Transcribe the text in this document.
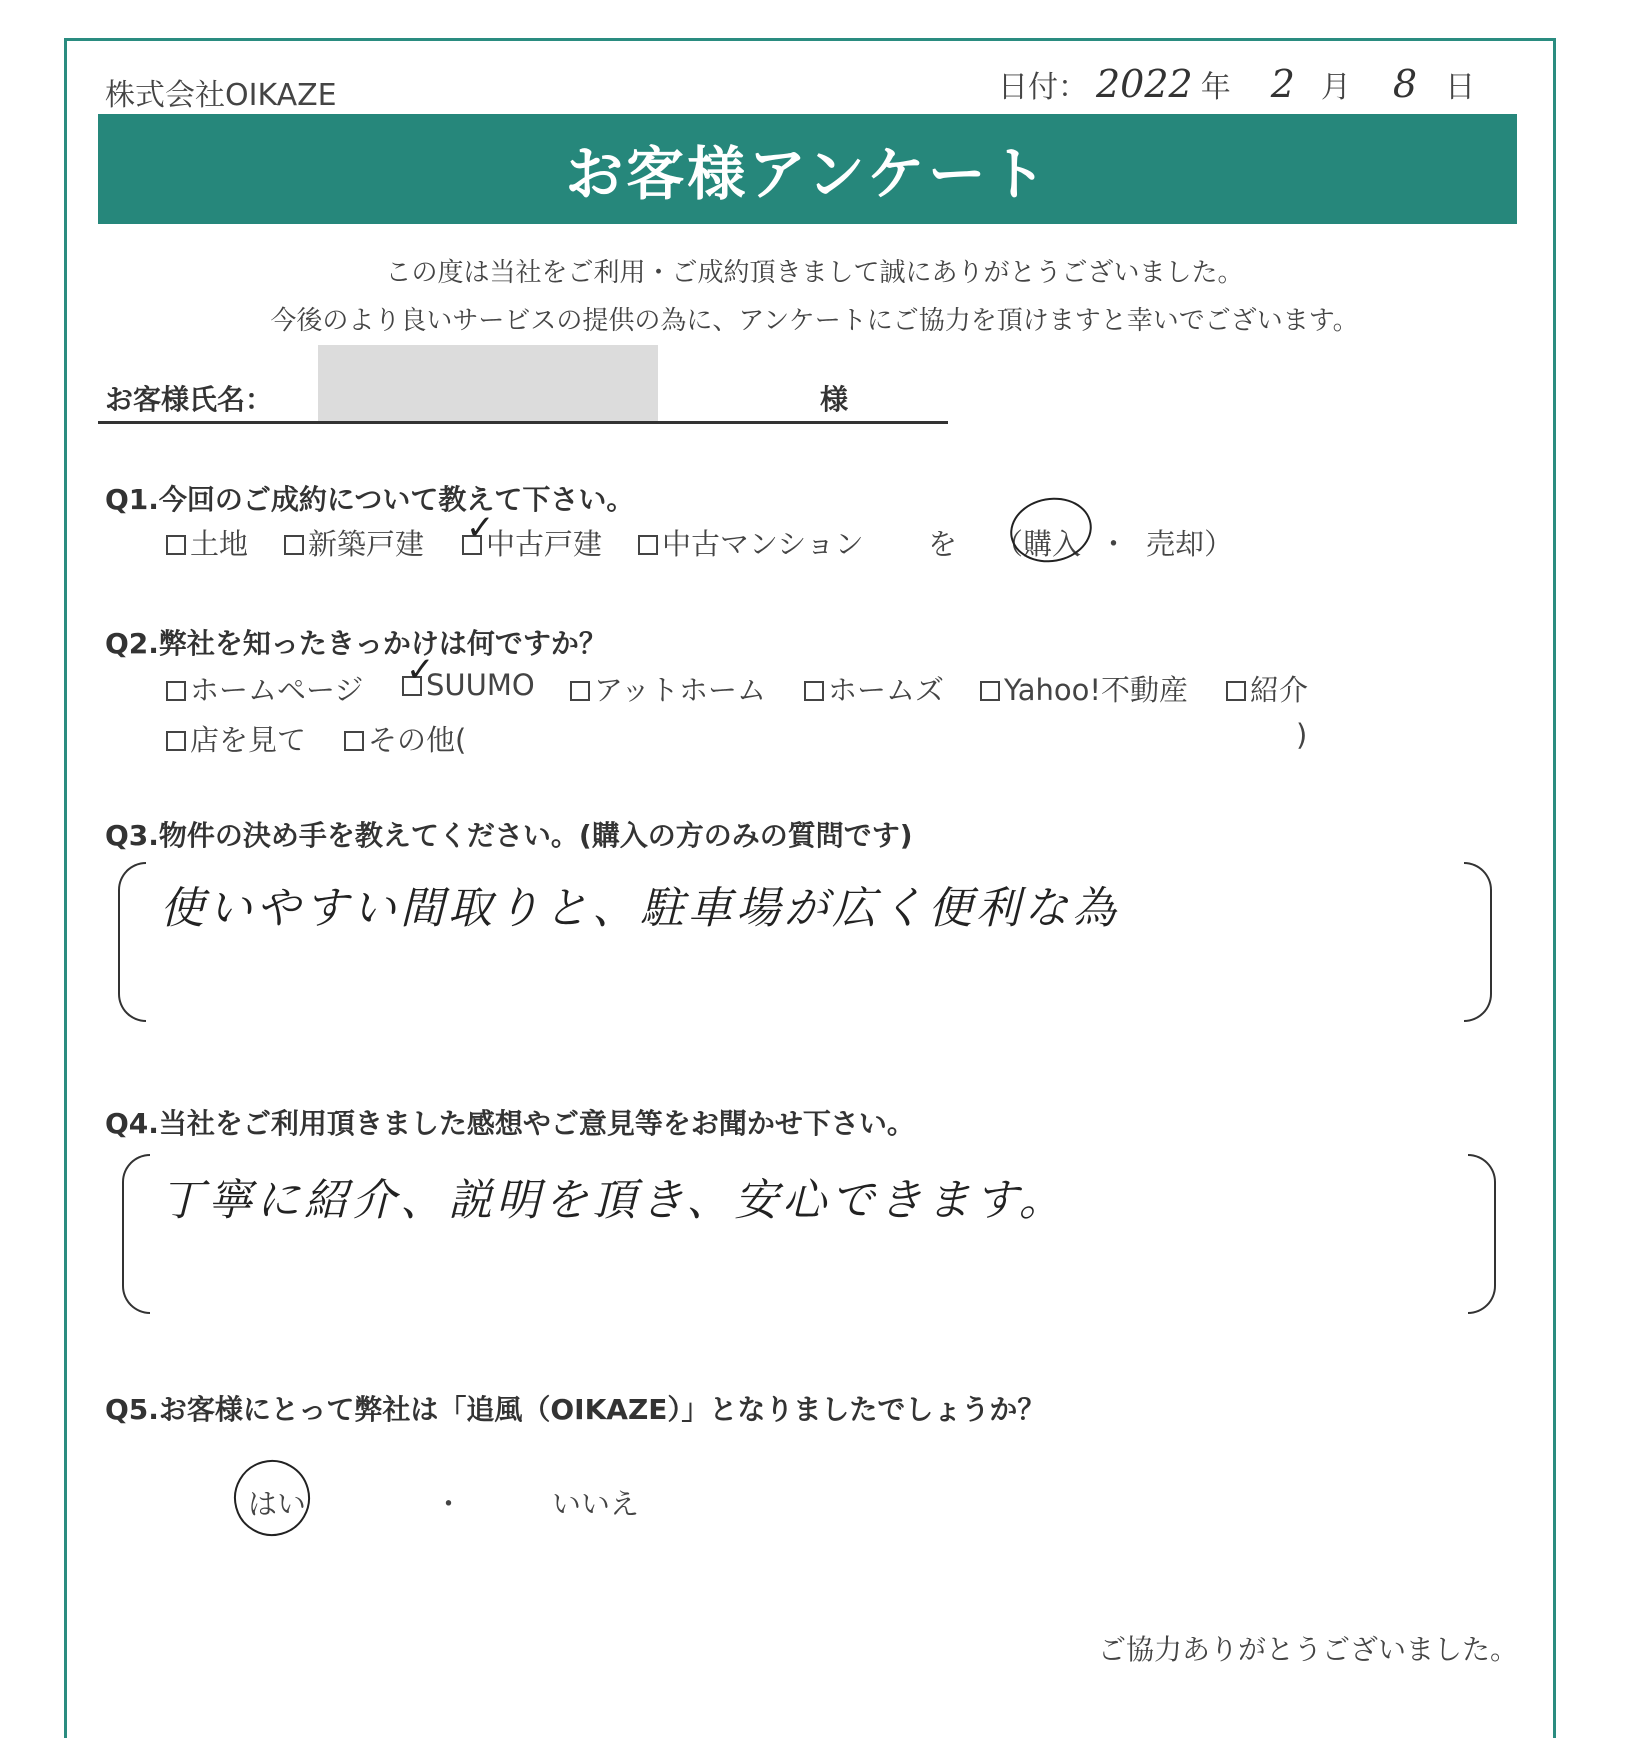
株式会社OIKAZE	日付： 2022 年 2 月 8 日
お客様アンケート
この度は当社をご利用・ご成約頂きまして誠にありがとうございました。
今後のより良いサービスの提供の為に、アンケートにご協力を頂けますと幸いでございます。
お客様氏名：	様
Q1.今回のご成約について教えて下さい。
土地	新築戸建	中古戸建
✓	中古マンション を （購入 ・ 売却）
Q2.弊社を知ったきっかけは何ですか？
ホームページ	SUUMO
✓	アットホーム	ホームズ	Yahoo!不動産	紹介
店を見て	その他(	)
Q3.物件の決め手を教えてください。(購入の方のみの質問です)
使いやすい間取りと、駐車場が広く便利な為
Q4.当社をご利用頂きました感想やご意見等をお聞かせ下さい。
丁寧に紹介、説明を頂き、安心できます。
Q5.お客様にとって弊社は「追風（OIKAZE）」となりましたでしょうか？
はい	・	いいえ
ご協力ありがとうございました。
